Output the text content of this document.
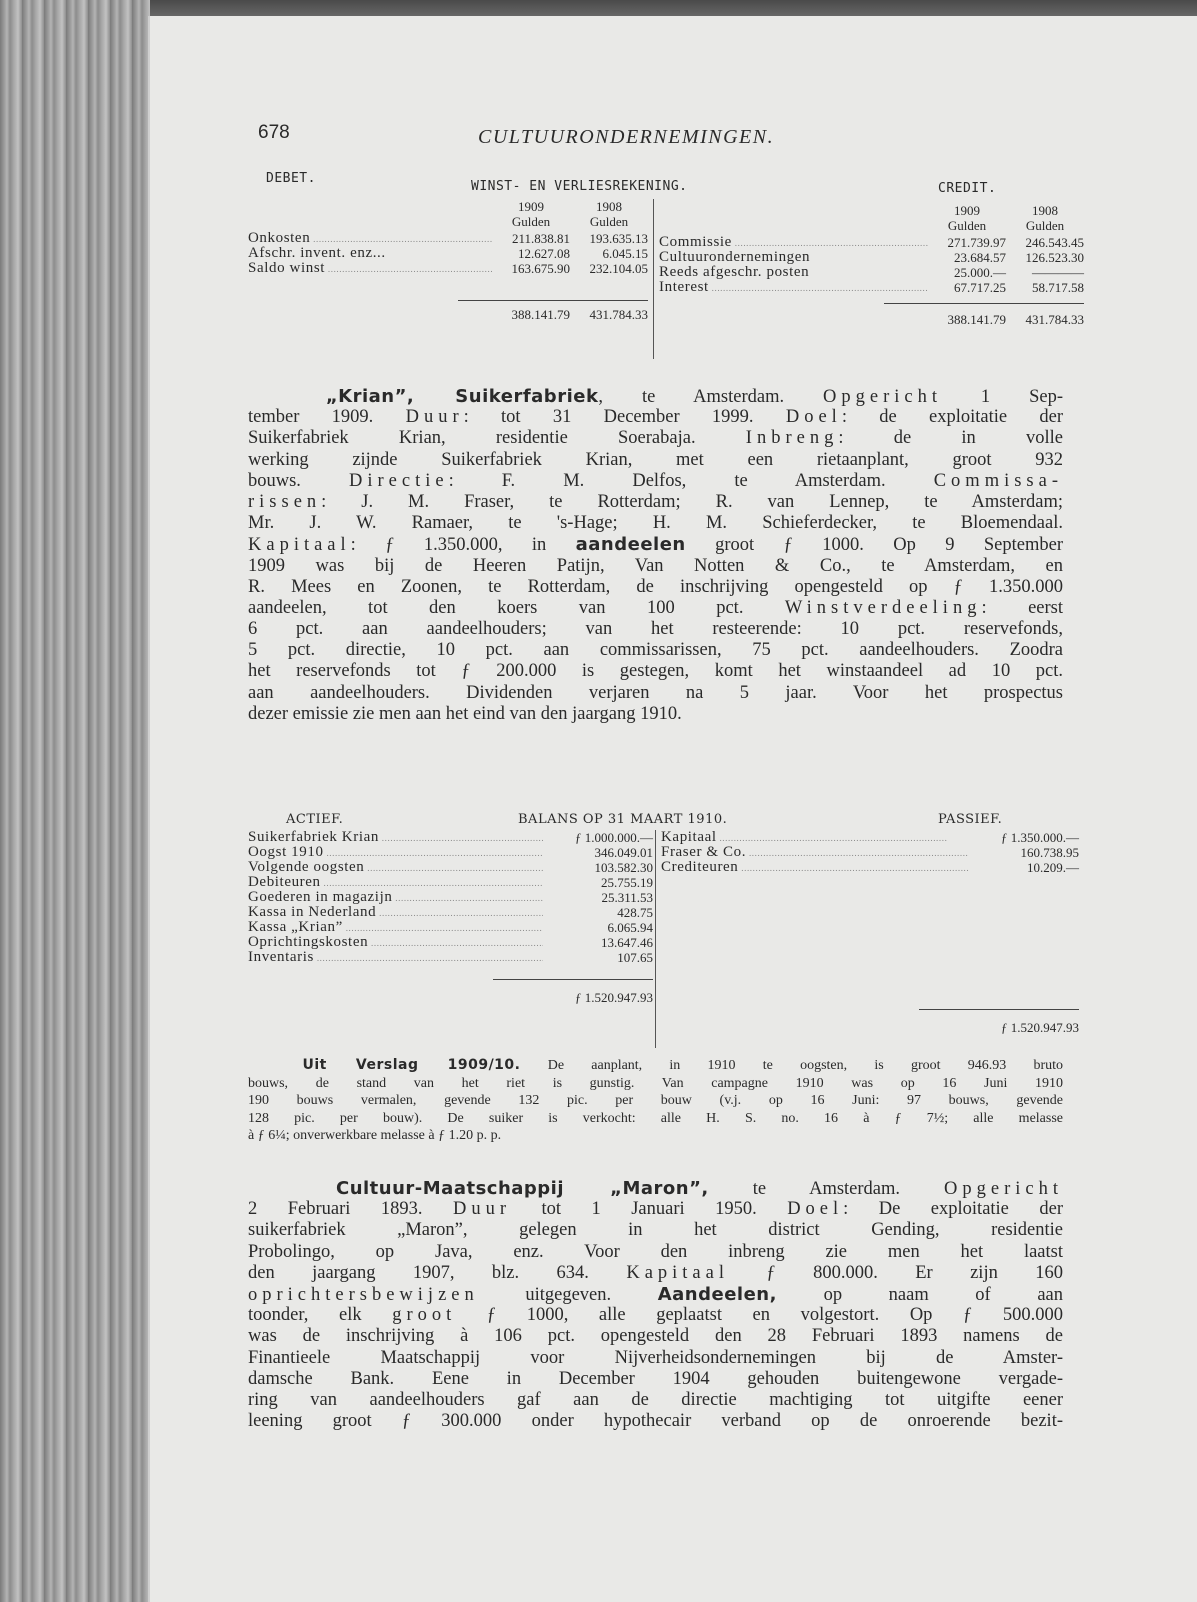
678	CULTUURONDERNEMINGEN.
DEBET.
WINST- EN VERLIESREKENING.	CREDIT.
1909	1908
Gulden	Gulden
Onkosten .....	211.838.81	193.635.13
Afschr. invent. enz...	12.627.08	6.045.15
Saldo winst .....	163.675.90	232.104.05
388.141.79	431.784.33
1909	1908
Gulden	Gulden
Commissie .....	271.739.97	246.543.45
Cultuurondernemingen	23.684.57	126.523.30
Reeds afgeschr. posten	25.000.—	————
Interest .....	67.717.25	58.717.58
388.141.79	431.784.33
„Krian”, Suikerfabriek, te Amsterdam. Opgericht 1 Sep-
tember 1909. Duur: tot 31 December 1999. Doel: de exploitatie der
Suikerfabriek Krian, residentie Soerabaja. Inbreng: de in volle
werking zijnde Suikerfabriek Krian, met een rietaanplant, groot 932
bouws. Directie: F. M. Delfos, te Amsterdam. Commissa-
rissen: J. M. Fraser, te Rotterdam; R. van Lennep, te Amsterdam;
Mr. J. W. Ramaer, te 's-Hage; H. M. Schieferdecker, te Bloemendaal.
Kapitaal: ƒ 1.350.000, in aandeelen groot ƒ 1000. Op 9 September
1909 was bij de Heeren Patijn, Van Notten & Co., te Amsterdam, en
R. Mees en Zoonen, te Rotterdam, de inschrijving opengesteld op ƒ 1.350.000
aandeelen, tot den koers van 100 pct. Winstverdeeling: eerst
6 pct. aan aandeelhouders; van het resteerende: 10 pct. reservefonds,
5 pct. directie, 10 pct. aan commissarissen, 75 pct. aandeelhouders. Zoodra
het reservefonds tot ƒ 200.000 is gestegen, komt het winstaandeel ad 10 pct.
aan aandeelhouders. Dividenden verjaren na 5 jaar. Voor het prospectus
dezer emissie zie men aan het eind van den jaargang 1910.
ACTIEF.	BALANS OP 31 MAART 1910.	PASSIEF.
Suikerfabriek Krian .....	ƒ 1.000.000.—
Oogst 1910 .....	346.049.01
Volgende oogsten .....	103.582.30
Debiteuren .....	25.755.19
Goederen in magazijn .....	25.311.53
Kassa in Nederland .....	428.75
Kassa „Krian” .....	6.065.94
Oprichtingskosten .....	13.647.46
Inventaris .....	107.65
ƒ 1.520.947.93
Kapitaal .....	ƒ 1.350.000.—
Fraser & Co. .....	160.738.95
Crediteuren .....	10.209.—
ƒ 1.520.947.93
Uit Verslag 1909/10. De aanplant, in 1910 te oogsten, is groot 946.93 bruto
bouws, de stand van het riet is gunstig. Van campagne 1910 was op 16 Juni 1910
190 bouws vermalen, gevende 132 pic. per bouw (v.j. op 16 Juni: 97 bouws, gevende
128 pic. per bouw). De suiker is verkocht: alle H. S. no. 16 à ƒ 7½; alle melasse
à ƒ 6¼; onverwerkbare melasse à ƒ 1.20 p. p.
Cultuur-Maatschappij „Maron”, te Amsterdam. Opgericht
2 Februari 1893. Duur tot 1 Januari 1950. Doel: De exploitatie der
suikerfabriek „Maron”, gelegen in het district Gending, residentie
Probolingo, op Java, enz. Voor den inbreng zie men het laatst
den jaargang 1907, blz. 634. Kapitaal ƒ 800.000. Er zijn 160
oprichtersbewijzen uitgegeven. Aandeelen, op naam of aan
toonder, elk groot ƒ 1000, alle geplaatst en volgestort. Op ƒ 500.000
was de inschrijving à 106 pct. opengesteld den 28 Februari 1893 namens de
Finantieele Maatschappij voor Nijverheidsondernemingen bij de Amster-
damsche Bank. Eene in December 1904 gehouden buitengewone vergade-
ring van aandeelhouders gaf aan de directie machtiging tot uitgifte eener
leening groot ƒ 300.000 onder hypothecair verband op de onroerende bezit-
